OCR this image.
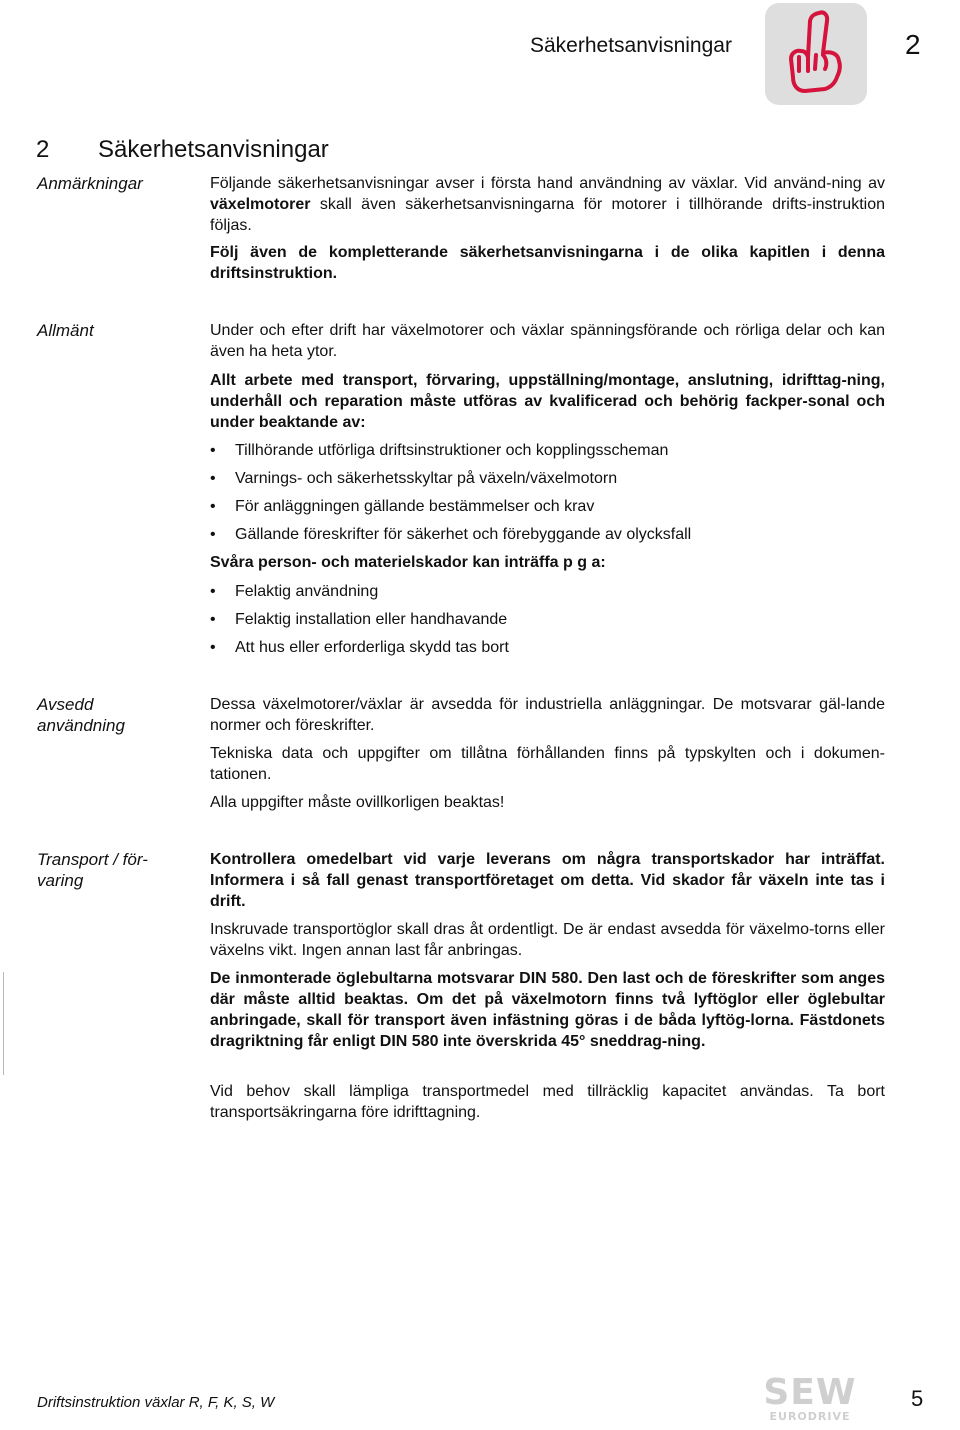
Säkerhetsanvisningar	2
2 Säkerhetsanvisningar
Anmärkningar	Följande säkerhetsanvisningar avser i första hand användning av växlar. Vid använd-ning av växelmotorer skall även säkerhetsanvisningarna för motorer i tillhörande drifts-instruktion följas.

Följ även de kompletterande säkerhetsanvisningarna i de olika kapitlen i denna driftsinstruktion.

Allmänt	Under och efter drift har växelmotorer och växlar spänningsförande och rörliga delar och kan även ha heta ytor.

Allt arbete med transport, förvaring, uppställning/montage, anslutning, idrifttag-ning, underhåll och reparation måste utföras av kvalificerad och behörig fackper-sonal och under beaktande av:

• Tillhörande utförliga driftsinstruktioner och kopplingsscheman
• Varnings- och säkerhetsskyltar på växeln/växelmotorn
• För anläggningen gällande bestämmelser och krav
• Gällande föreskrifter för säkerhet och förebyggande av olycksfall

Svåra person- och materielskador kan inträffa p g a:

• Felaktig användning
• Felaktig installation eller handhavande
• Att hus eller erforderliga skydd tas bort
Avsedd
användning

Dessa växelmotorer/växlar är avsedda för industriella anläggningar. De motsvarar gäl-lande normer och föreskrifter.

Tekniska data och uppgifter om tillåtna förhållanden finns på typskylten och i dokumen-tationen.

Alla uppgifter måste ovillkorligen beaktas!

Transport / för-
varing

Kontrollera omedelbart vid varje leverans om några transportskador har inträffat. Informera i så fall genast transportföretaget om detta. Vid skador får växeln inte tas i drift.

Inskruvade transportöglor skall dras åt ordentligt. De är endast avsedda för växelmo-torns eller växelns vikt. Ingen annan last får anbringas.

De inmonterade öglebultarna motsvarar DIN 580. Den last och de föreskrifter som anges där måste alltid beaktas. Om det på växelmotorn finns två lyftöglor eller öglebultar anbringade, skall för transport även infästning göras i de båda lyftög-lorna. Fästdonets dragriktning får enligt DIN 580 inte överskrida 45° sneddrag-ning.

Vid behov skall lämpliga transportmedel med tillräcklig kapacitet användas. Ta bort transportsäkringarna före idrifttagning.

Driftsinstruktion växlar R, F, K, S, W	SEW
EURODRIVE
5
